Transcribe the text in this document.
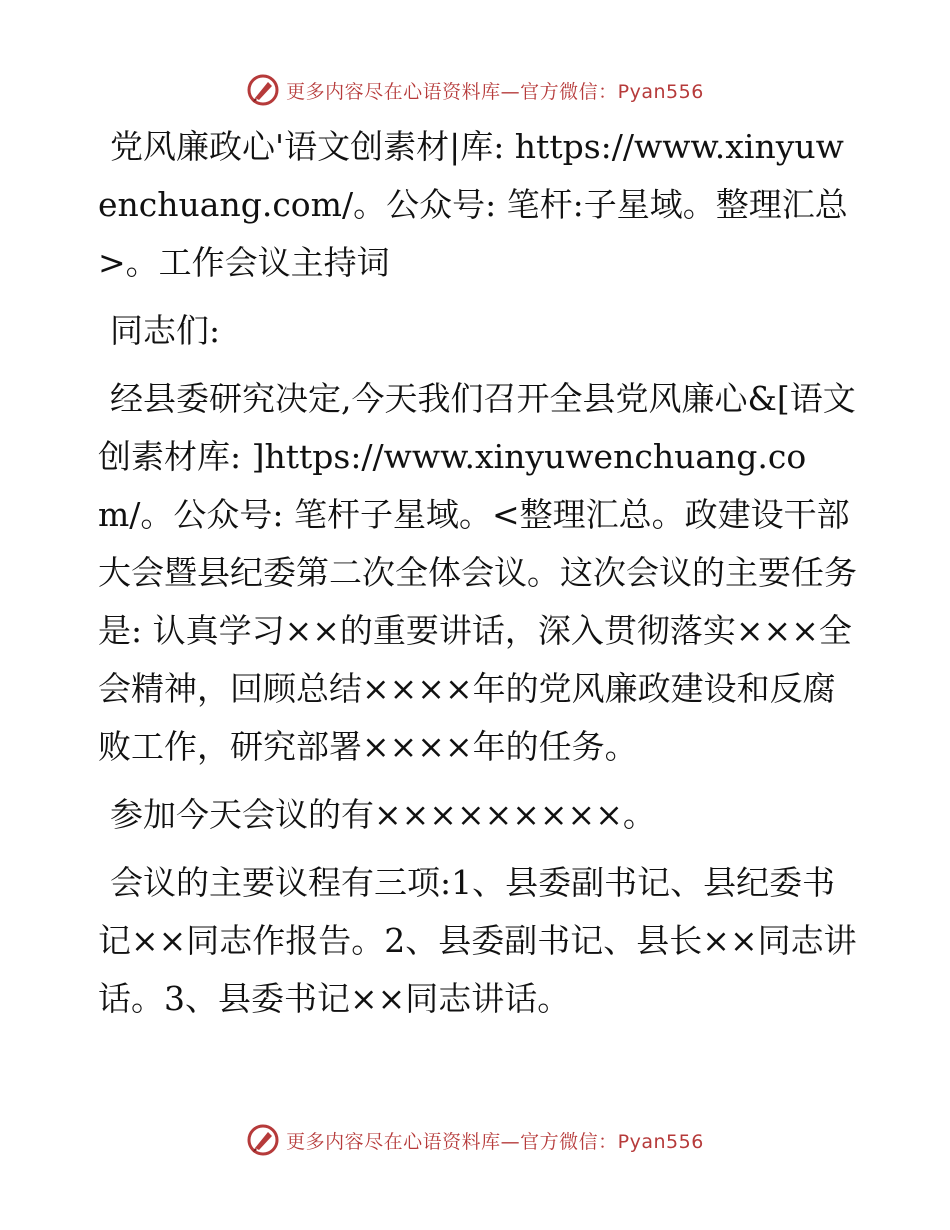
更多内容尽在心语资料库—官方微信：Pyan556

党风廉政心'语文创素材|库: https://www.xinyuwenchuang.com/。公众号: 笔杆:子星域。整理汇总>。工作会议主持词

同志们:

经县委研究决定,今天我们召开全县党风廉心&[语文创素材库: ]https://www.xinyuwenchuang.com/。公众号: 笔杆子星域。<整理汇总。政建设干部大会暨县纪委第二次全体会议。这次会议的主要任务是: 认真学习××的重要讲话，深入贯彻落实×××全会精神，回顾总结××××年的党风廉政建设和反腐败工作，研究部署××××年的任务。

参加今天会议的有×××××××××。

会议的主要议程有三项:1、县委副书记、县纪委书记××同志作报告。2、县委副书记、县长××同志讲话。3、县委书记××同志讲话。

更多内容尽在心语资料库—官方微信：Pyan556
